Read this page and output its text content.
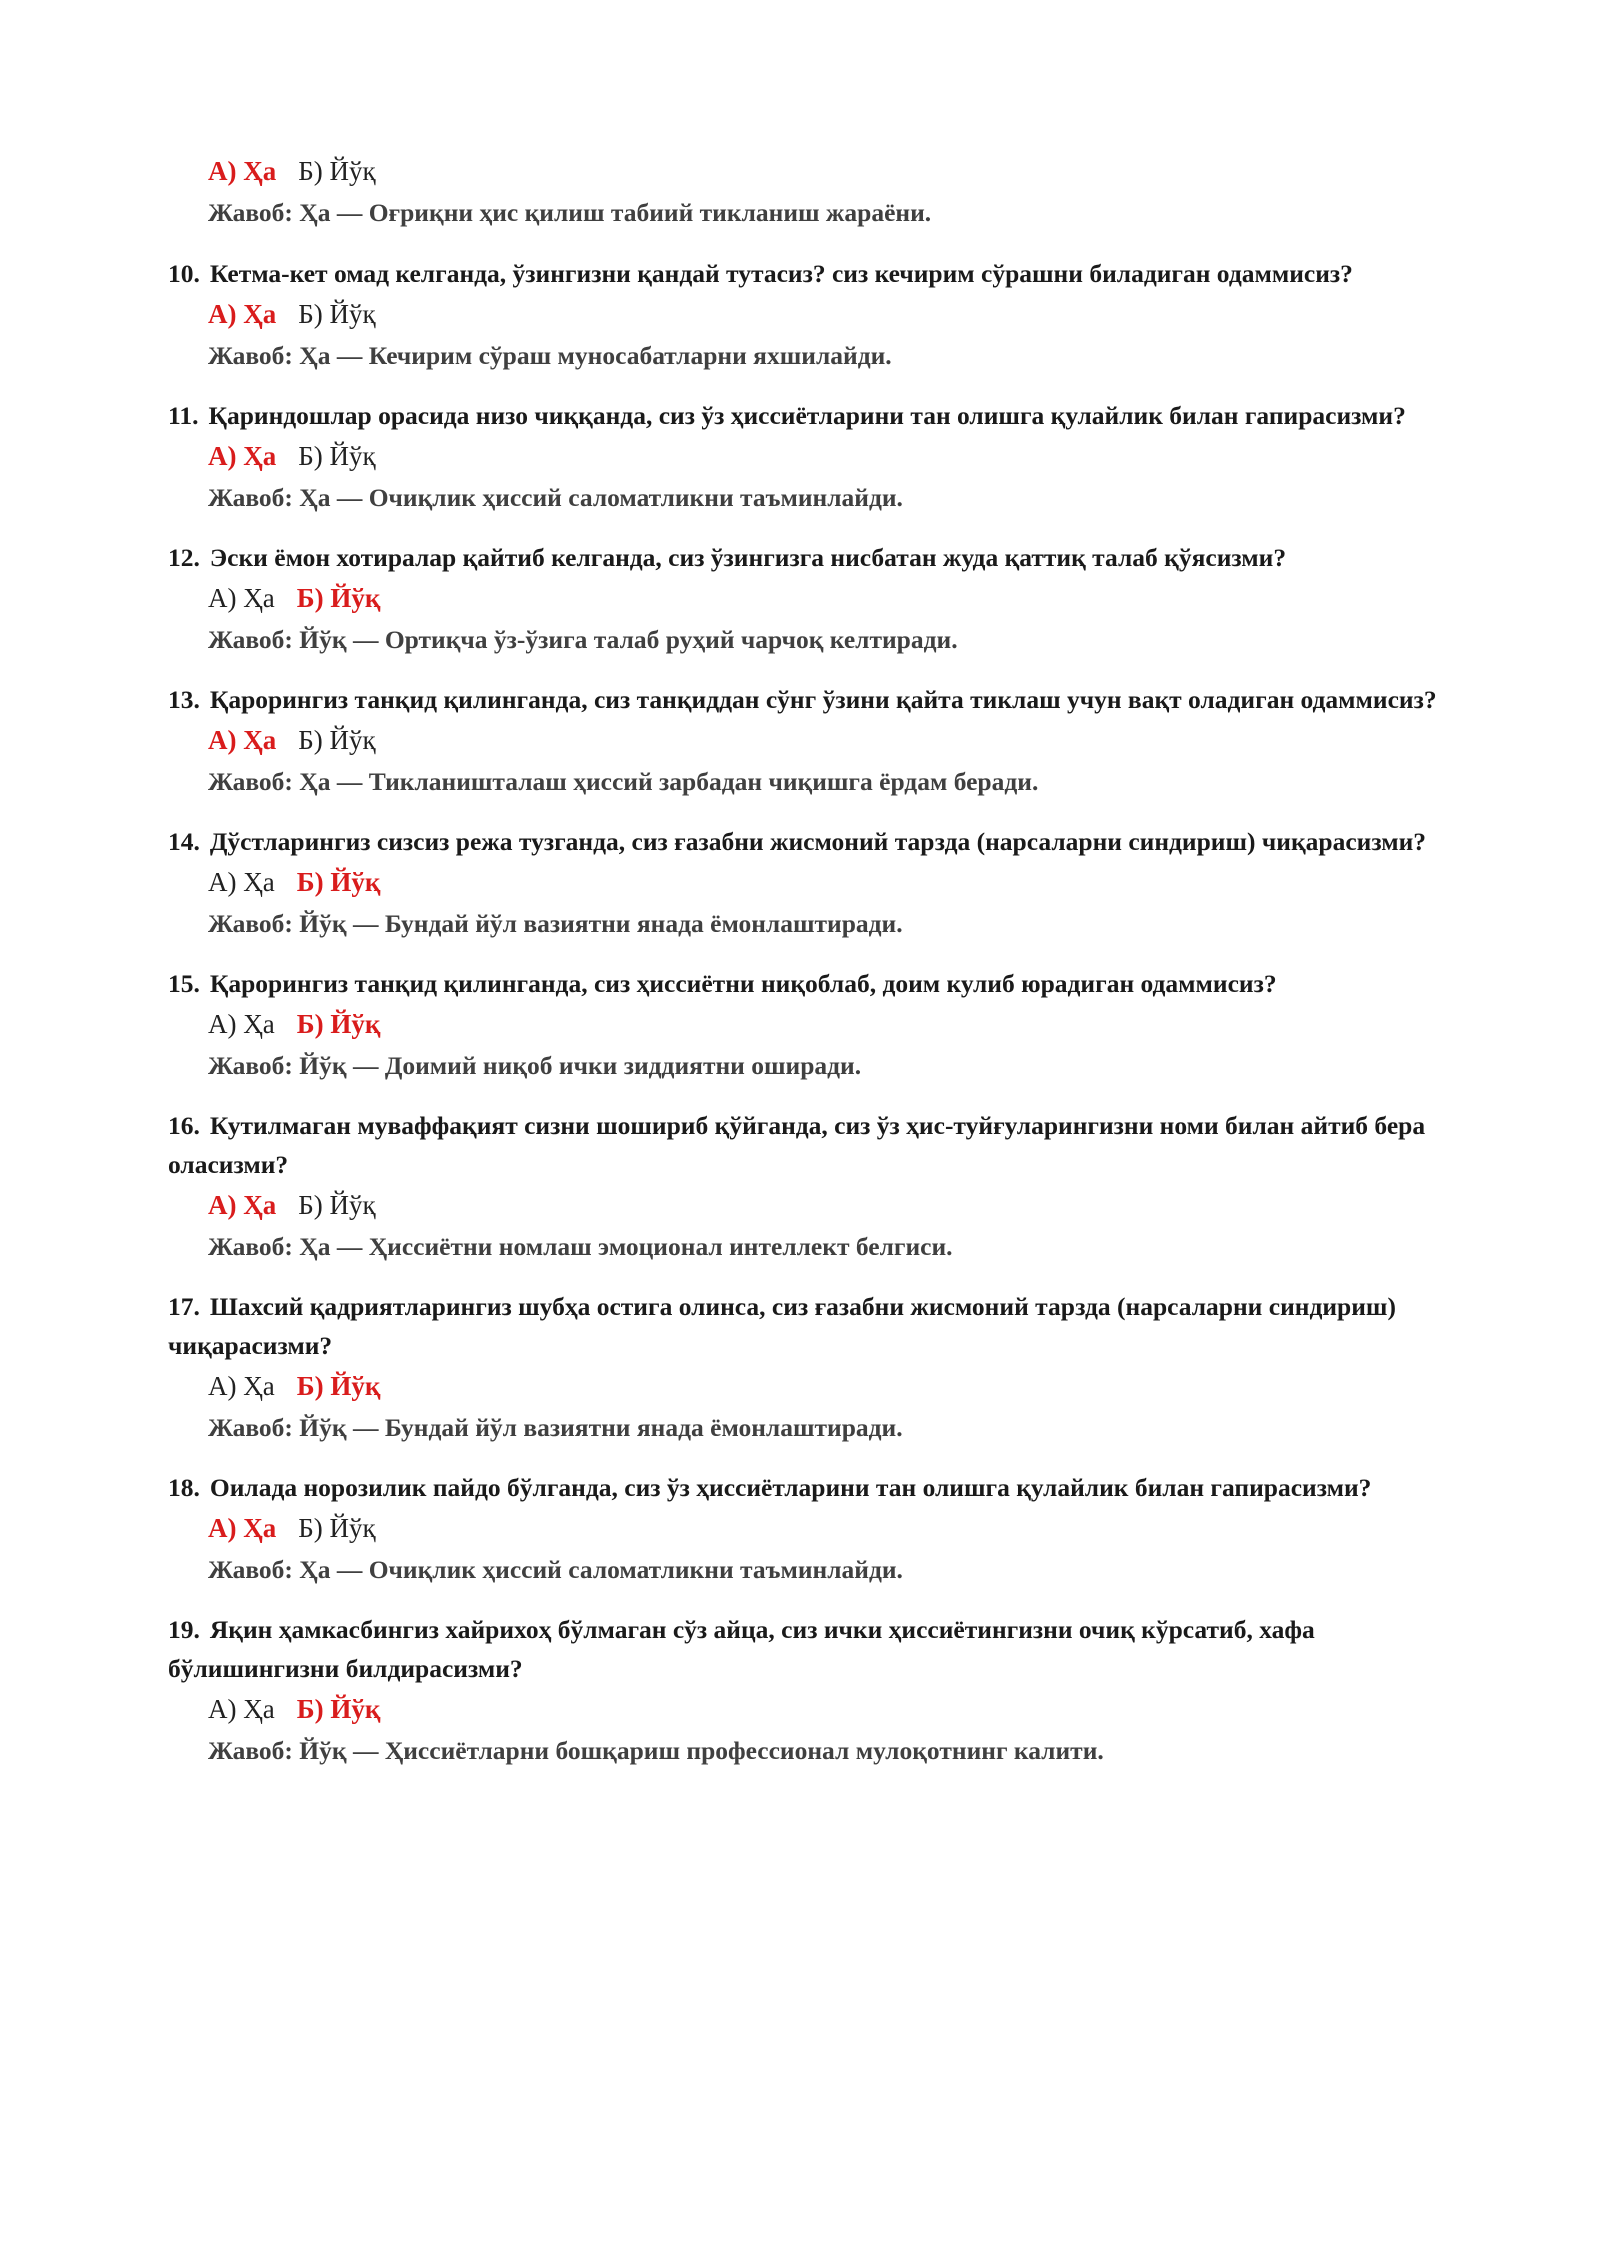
А) Ҳа Б) Йўқ
Жавоб: Ҳа — Оғриқни ҳис қилиш табиий тикланиш жараёни.
10. Кетма-кет омад келганда, ўзингизни қандай тутасиз? сиз кечирим сўрашни биладиган одаммисиз?
А) Ҳа Б) Йўқ
Жавоб: Ҳа — Кечирим сўраш муносабатларни яхшилайди.
11. Қариндошлар орасида низо чиққанда, сиз ўз ҳиссиётларини тан олишга қулайлик билан гапирасизми?
А) Ҳа Б) Йўқ
Жавоб: Ҳа — Очиқлик ҳиссий саломатликни таъминлайди.
12. Эски ёмон хотиралар қайтиб келганда, сиз ўзингизга нисбатан жуда қаттиқ талаб қўясизми?
А) Ҳа Б) Йўқ
Жавоб: Йўқ — Ортиқча ўз-ўзига талаб руҳий чарчоқ келтиради.
13. Қарорингиз танқид қилинганда, сиз танқиддан сўнг ўзини қайта тиклаш учун вақт оладиган одаммисиз?
А) Ҳа Б) Йўқ
Жавоб: Ҳа — Тикланишталаш ҳиссий зарбадан чиқишга ёрдам беради.
14. Дўстларингиз сизсиз режа тузганда, сиз ғазабни жисмоний тарзда (нарсаларни синдириш) чиқарасизми?
А) Ҳа Б) Йўқ
Жавоб: Йўқ — Бундай йўл вазиятни янада ёмонлаштиради.
15. Қарорингиз танқид қилинганда, сиз ҳиссиётни ниқоблаб, доим кулиб юрадиган одаммисиз?
А) Ҳа Б) Йўқ
Жавоб: Йўқ — Доимий ниқоб ички зиддиятни оширади.
16. Кутилмаган муваффақият сизни шошириб қўйганда, сиз ўз ҳис-туйғуларингизни номи билан айтиб бера оласизми?
А) Ҳа Б) Йўқ
Жавоб: Ҳа — Ҳиссиётни номлаш эмоционал интеллект белгиси.
17. Шахсий қадриятларингиз шубҳа остига олинса, сиз ғазабни жисмоний тарзда (нарсаларни синдириш) чиқарасизми?
А) Ҳа Б) Йўқ
Жавоб: Йўқ — Бундай йўл вазиятни янада ёмонлаштиради.
18. Оилада норозилик пайдо бўлганда, сиз ўз ҳиссиётларини тан олишга қулайлик билан гапирасизми?
А) Ҳа Б) Йўқ
Жавоб: Ҳа — Очиқлик ҳиссий саломатликни таъминлайди.
19. Яқин ҳамкасбингиз хайрихоҳ бўлмаган сўз айца, сиз ички ҳиссиётингизни очиқ кўрсатиб, хафа бўлишингизни билдирасизми?
А) Ҳа Б) Йўқ
Жавоб: Йўқ — Ҳиссиётларни бошқариш профессионал мулоқотнинг калити.
